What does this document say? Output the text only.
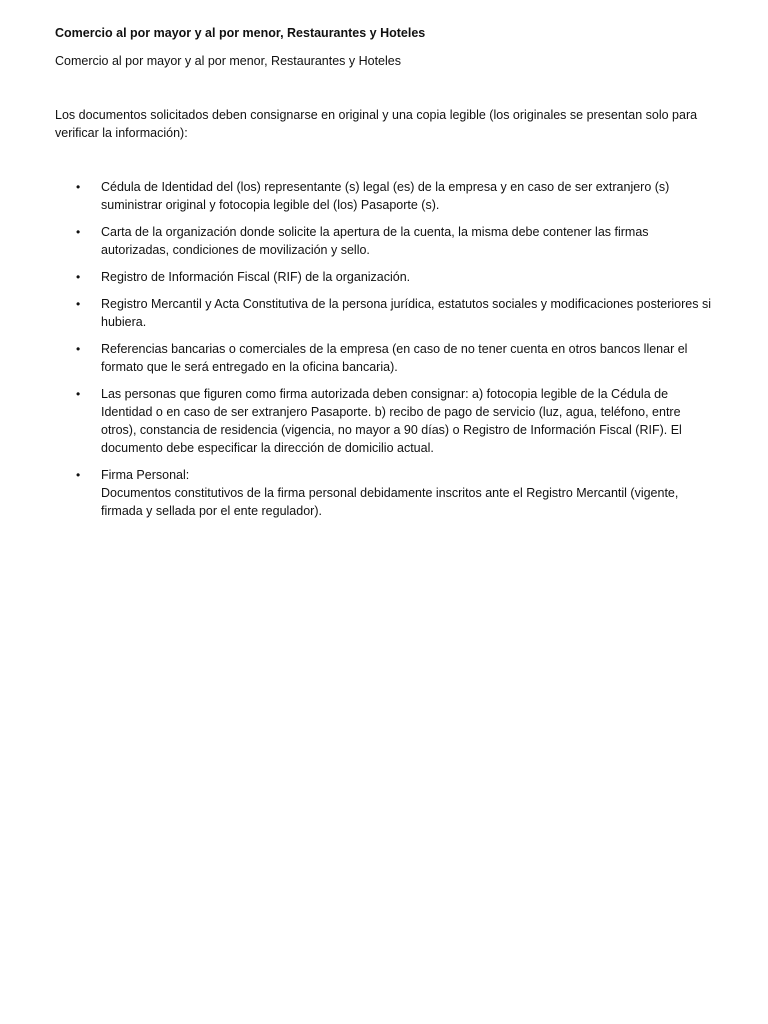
Comercio al por mayor y al por menor, Restaurantes y Hoteles
Comercio al por mayor y al por menor, Restaurantes y Hoteles
Los documentos solicitados deben consignarse en original y una copia legible (los originales se presentan solo para verificar la información):
• Cédula de Identidad del (los) representante (s) legal (es) de la empresa y en caso de ser extranjero (s) suministrar original y fotocopia legible del (los) Pasaporte (s).
• Carta de la organización donde solicite la apertura de la cuenta, la misma debe contener las firmas autorizadas, condiciones de movilización y sello.
• Registro de Información Fiscal (RIF) de la organización.
• Registro Mercantil y Acta Constitutiva de la persona jurídica, estatutos sociales y modificaciones posteriores si hubiera.
• Referencias bancarias o comerciales de la empresa (en caso de no tener cuenta en otros bancos llenar el formato que le será entregado en la oficina bancaria).
• Las personas que figuren como firma autorizada deben consignar: a) fotocopia legible de la Cédula de Identidad o en caso de ser extranjero Pasaporte. b) recibo de pago de servicio (luz, agua, teléfono, entre otros), constancia de residencia (vigencia, no mayor a 90 días) o Registro de Información Fiscal (RIF). El documento debe especificar la dirección de domicilio actual.
• Firma Personal:
Documentos constitutivos de la firma personal debidamente inscritos ante el Registro Mercantil (vigente, firmada y sellada por el ente regulador).
